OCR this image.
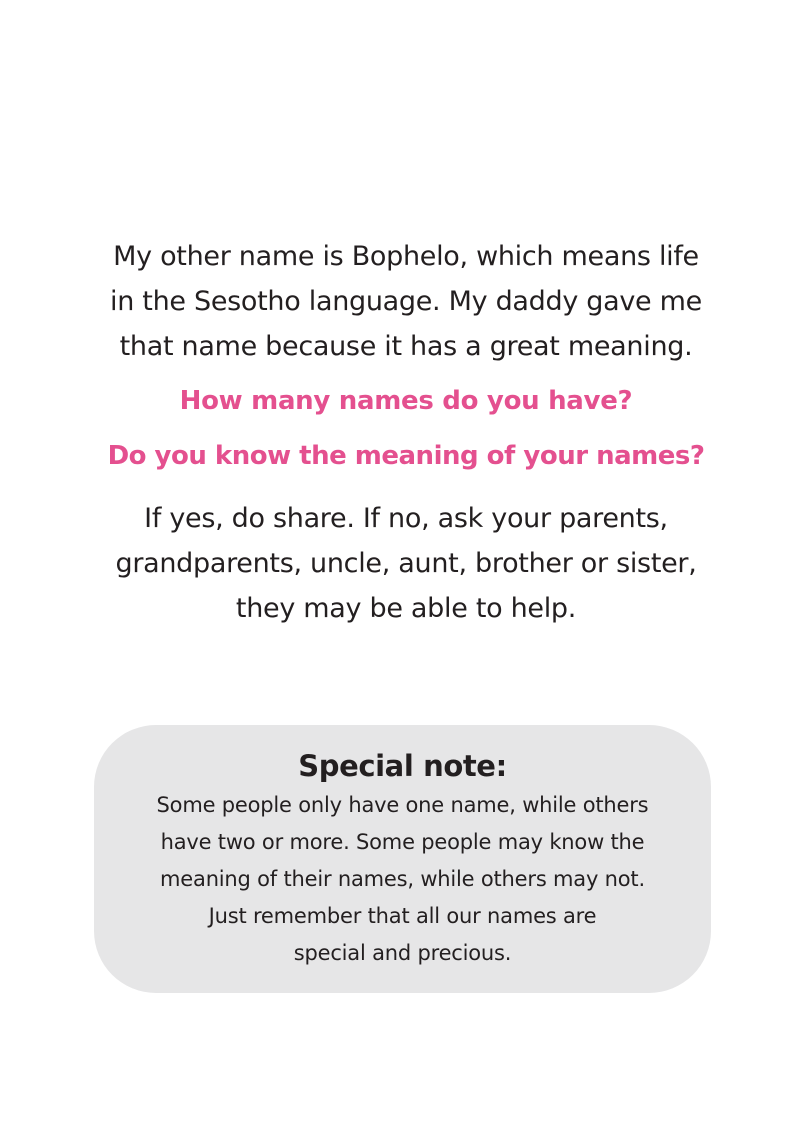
My other name is Bophelo, which means life
in the Sesotho language. My daddy gave me
that name because it has a great meaning.
How many names do you have?
Do you know the meaning of your names?
If yes, do share. If no, ask your parents,
grandparents, uncle, aunt, brother or sister,
they may be able to help.
Special note:
Some people only have one name, while others
have two or more. Some people may know the
meaning of their names, while others may not.
Just remember that all our names are
special and precious.
